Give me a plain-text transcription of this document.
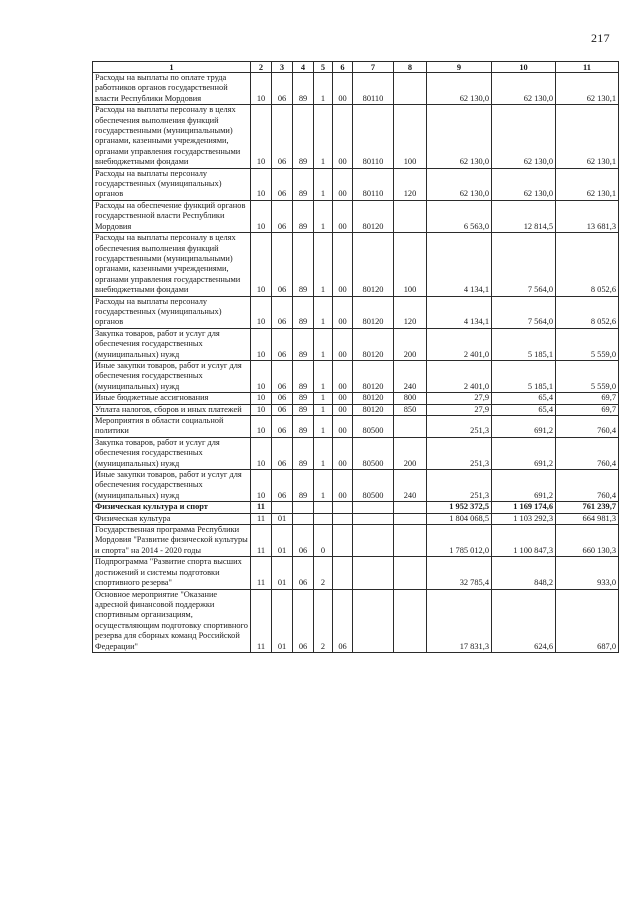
217
1	2	3	4	5	6	7	8	9	10	11
Расходы на выплаты по оплате труда работников органов государственной власти Республики Мордовия	10	06	89	1	00	80110		62 130,0	62 130,0	62 130,1
Расходы на выплаты персоналу в целях обеспечения выполнения функций государственными (муниципальными) органами, казенными учреждениями, органами управления государственными внебюджетными фондами	10	06	89	1	00	80110	100	62 130,0	62 130,0	62 130,1
Расходы на выплаты персоналу государственных (муниципальных) органов	10	06	89	1	00	80110	120	62 130,0	62 130,0	62 130,1
Расходы на обеспечение функций органов государственной власти Республики Мордовия	10	06	89	1	00	80120		6 563,0	12 814,5	13 681,3
Расходы на выплаты персоналу в целях обеспечения выполнения функций государственными (муниципальными) органами, казенными учреждениями, органами управления государственными внебюджетными фондами	10	06	89	1	00	80120	100	4 134,1	7 564,0	8 052,6
Расходы на выплаты персоналу государственных (муниципальных) органов	10	06	89	1	00	80120	120	4 134,1	7 564,0	8 052,6
Закупка товаров, работ и услуг для обеспечения государственных (муниципальных) нужд	10	06	89	1	00	80120	200	2 401,0	5 185,1	5 559,0
Иные закупки товаров, работ и услуг для обеспечения государственных (муниципальных) нужд	10	06	89	1	00	80120	240	2 401,0	5 185,1	5 559,0
Иные бюджетные ассигнования	10	06	89	1	00	80120	800	27,9	65,4	69,7
Уплата налогов, сборов и иных платежей	10	06	89	1	00	80120	850	27,9	65,4	69,7
Мероприятия в области социальной политики	10	06	89	1	00	80500		251,3	691,2	760,4
Закупка товаров, работ и услуг для обеспечения государственных (муниципальных) нужд	10	06	89	1	00	80500	200	251,3	691,2	760,4
Иные закупки товаров, работ и услуг для обеспечения государственных (муниципальных) нужд	10	06	89	1	00	80500	240	251,3	691,2	760,4
Физическая культура и спорт	11							1 952 372,5	1 169 174,6	761 239,7
Физическая культура	11	01						1 804 068,5	1 103 292,3	664 981,3
Государственная программа Республики Мордовия "Развитие физической культуры и спорта" на 2014 - 2020 годы	11	01	06	0				1 785 012,0	1 100 847,3	660 130,3
Подпрограмма "Развитие спорта высших достижений и системы подготовки спортивного резерва"	11	01	06	2				32 785,4	848,2	933,0
Основное мероприятие "Оказание адресной финансовой поддержки спортивным организациям, осуществляющим подготовку спортивного резерва для сборных команд Российской Федерации"	11	01	06	2	06			17 831,3	624,6	687,0
